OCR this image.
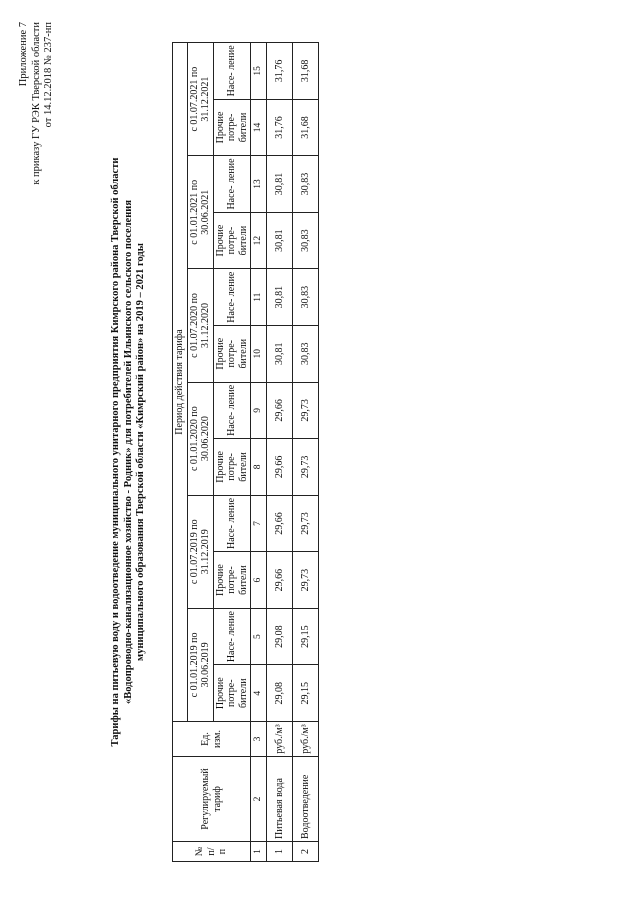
Приложение 7 к приказу ГУ РЭК Тверской области от 14.12.2018 № 237-нп
Тарифы на питьевую воду и водоотведение муниципального унитарного предприятия Кимрского района Тверской области «Водопроводно-канализационное хозяйство - Родник» для потребителей Ильинского сельского поселения муниципального образования Тверской области «Кимрский район» на 2019 – 2021 годы
№ п/ п	Регулируемый тариф	Ед. изм.	Период действия тарифа											
			с 01.01.2019 по 30.06.2019		с 01.07.2019 по 31.12.2019		с 01.01.2020 по 30.06.2020		с 01.07.2020 по 31.12.2020		с 01.01.2021 по 30.06.2021		с 01.07.2021 по 31.12.2021	
			Прочие потре- бители	Насе- ление	Прочие потре- бители	Насе- ление	Прочие потре- бители	Насе- ление	Прочие потре- бители	Насе- ление	Прочие потре- бители	Насе- ление	Прочие потре- бители	Насе- ление
1	2	3	4	5	6	7	8	9	10	11	12	13	14	15
1	Питьевая вода	руб./м³	29,08	29,08	29,66	29,66	29,66	29,66	30,81	30,81	30,81	30,81	31,76	31,76
2	Водоотведение	руб./м³	29,15	29,15	29,73	29,73	29,73	29,73	30,83	30,83	30,83	30,83	31,68	31,68
